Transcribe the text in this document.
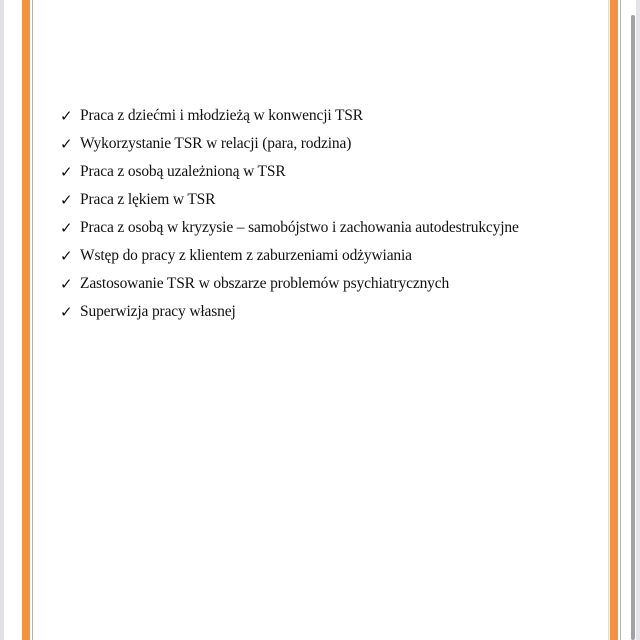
✓ Praca z dziećmi i młodzieżą w konwencji TSR
✓ Wykorzystanie TSR w relacji (para, rodzina)
✓ Praca z osobą uzależnioną w TSR
✓ Praca z lękiem w TSR
✓ Praca z osobą w kryzysie – samobójstwo i zachowania autodestrukcyjne
✓ Wstęp do pracy z klientem z zaburzeniami odżywiania
✓ Zastosowanie TSR w obszarze problemów psychiatrycznych
✓ Superwizja pracy własnej
